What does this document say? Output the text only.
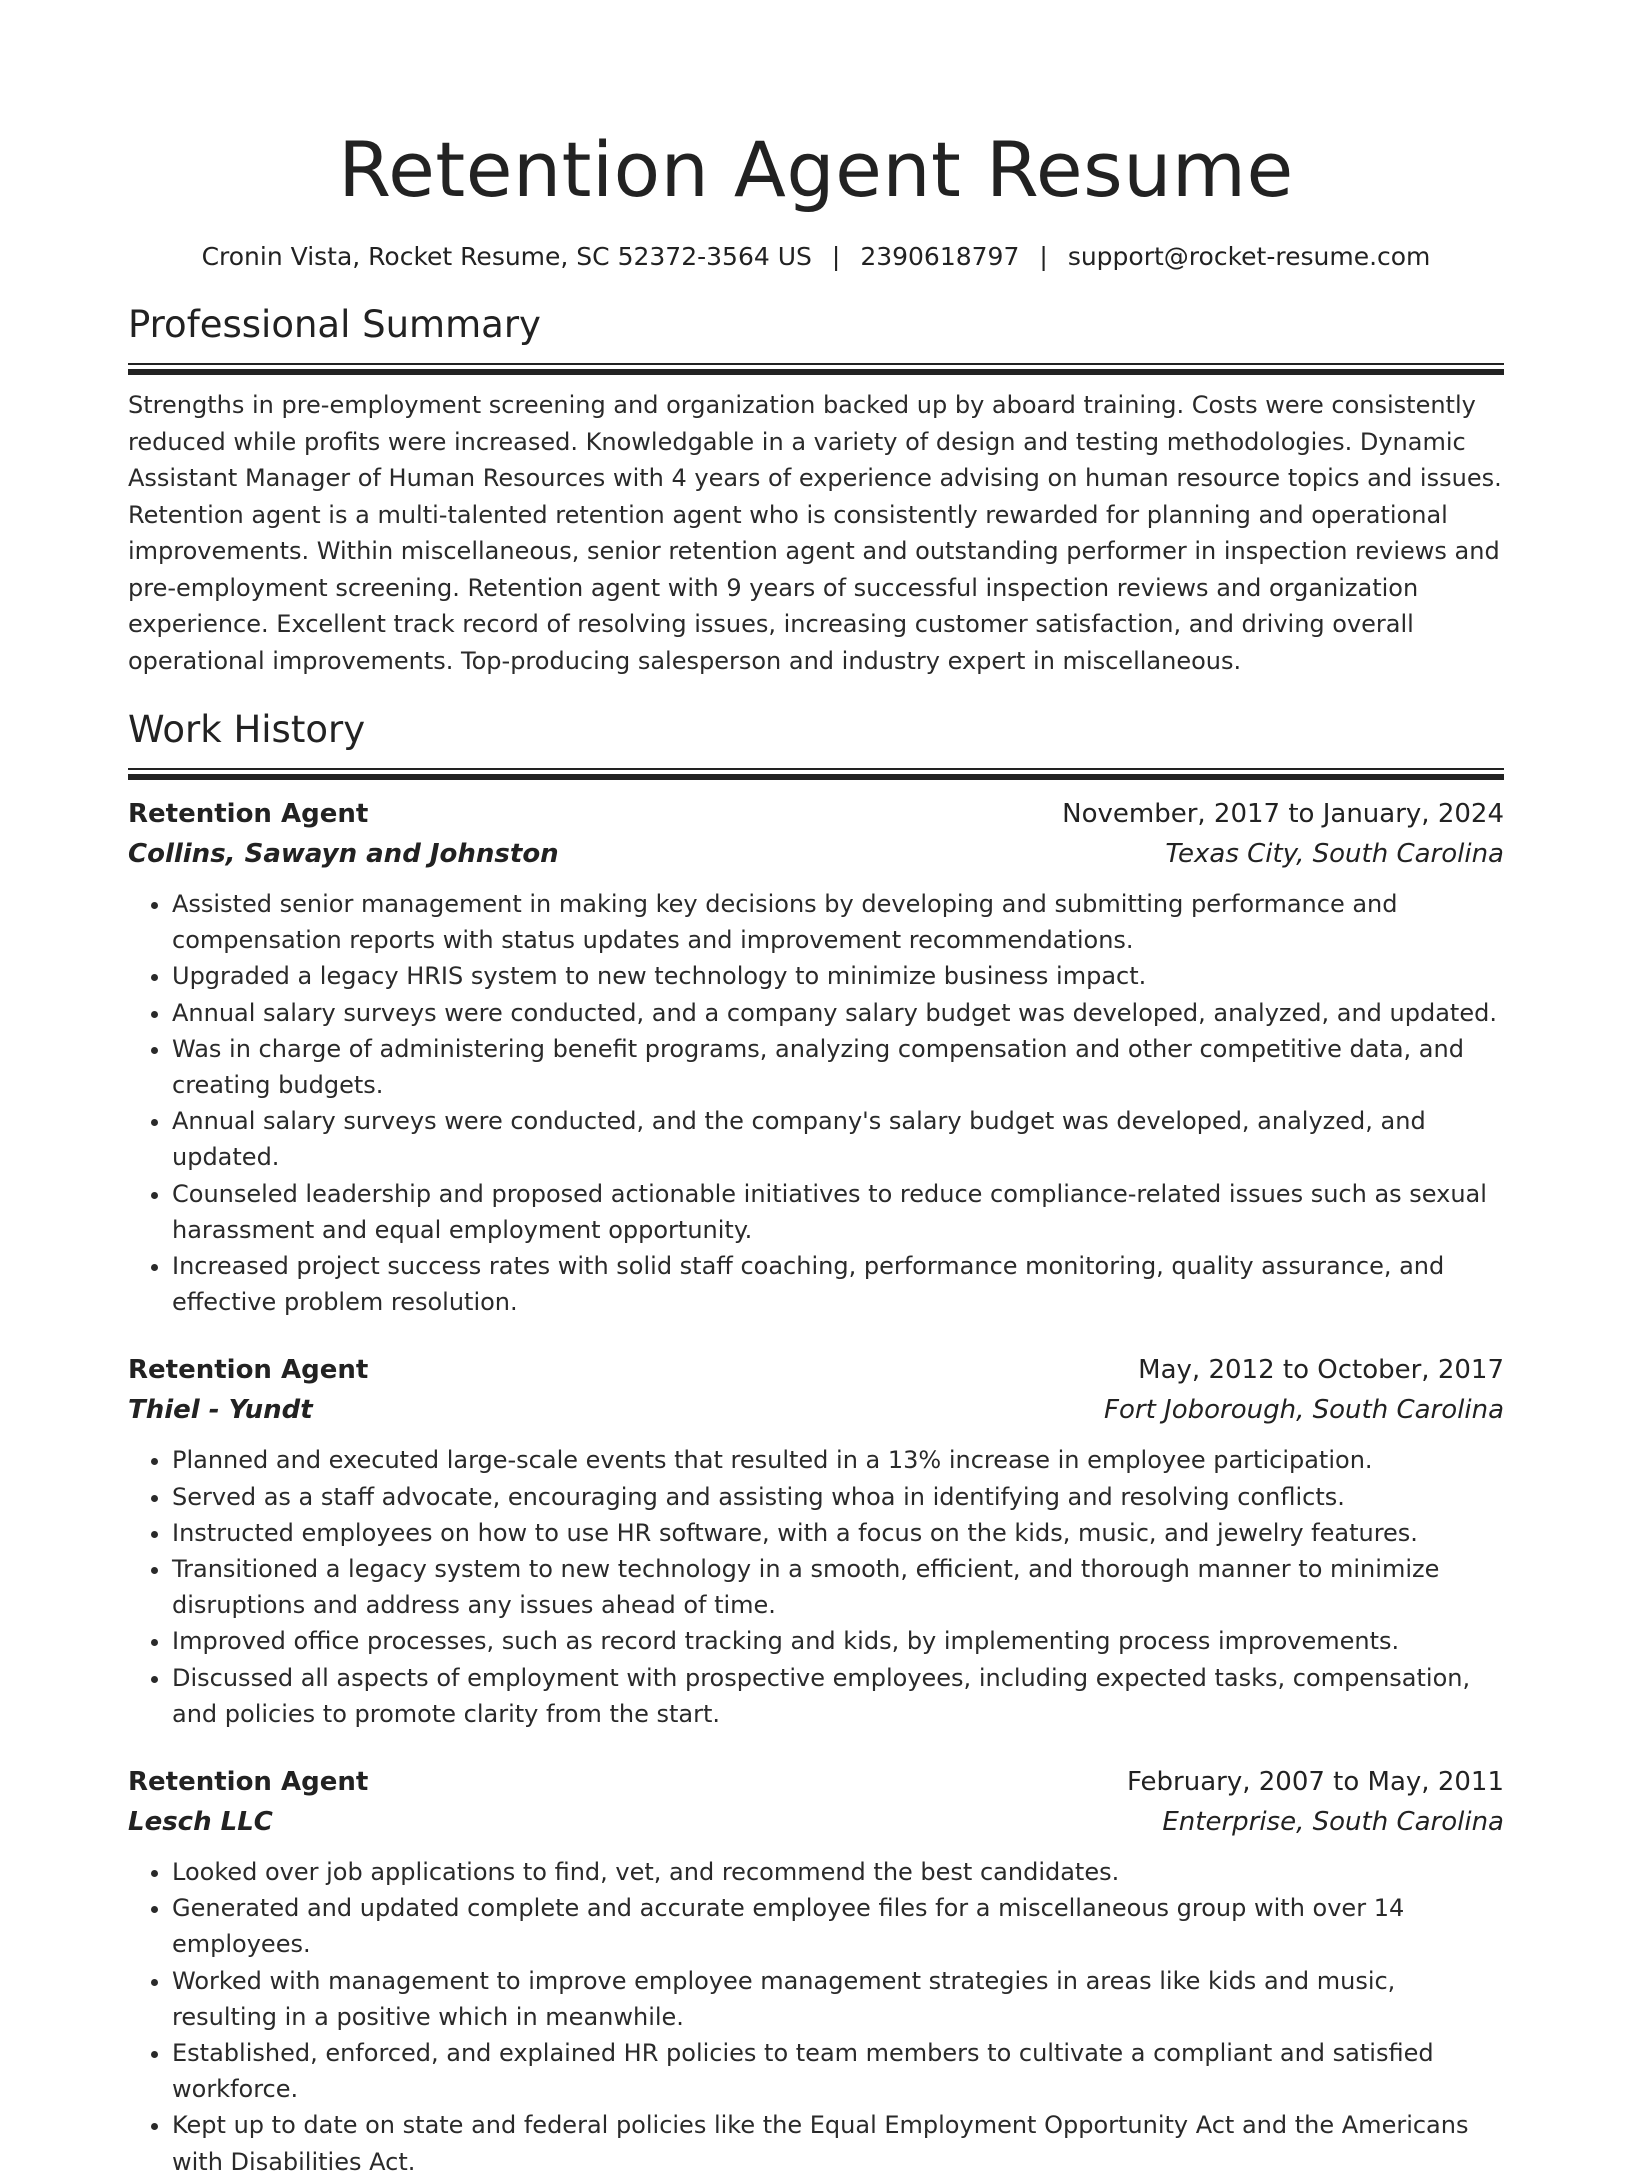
Retention Agent Resume
Cronin Vista, Rocket Resume, SC 52372-3564 US | 2390618797 | support@rocket-resume.com
Professional Summary

Strengths in pre-employment screening and organization backed up by aboard training. Costs were consistently reduced while profits were increased. Knowledgable in a variety of design and testing methodologies. Dynamic Assistant Manager of Human Resources with 4 years of experience advising on human resource topics and issues. Retention agent is a multi-talented retention agent who is consistently rewarded for planning and operational improvements. Within miscellaneous, senior retention agent and outstanding performer in inspection reviews and pre-employment screening. Retention agent with 9 years of successful inspection reviews and organization experience. Excellent track record of resolving issues, increasing customer satisfaction, and driving overall operational improvements. Top-producing salesperson and industry expert in miscellaneous.

Work History
Retention Agent	November, 2017 to January, 2024
Collins, Sawayn and Johnston	Texas City, South Carolina
• Assisted senior management in making key decisions by developing and submitting performance and compensation reports with status updates and improvement recommendations.
• Upgraded a legacy HRIS system to new technology to minimize business impact.
• Annual salary surveys were conducted, and a company salary budget was developed, analyzed, and updated.
• Was in charge of administering benefit programs, analyzing compensation and other competitive data, and creating budgets.
• Annual salary surveys were conducted, and the company's salary budget was developed, analyzed, and updated.
• Counseled leadership and proposed actionable initiatives to reduce compliance-related issues such as sexual harassment and equal employment opportunity.
• Increased project success rates with solid staff coaching, performance monitoring, quality assurance, and effective problem resolution.
Retention Agent	May, 2012 to October, 2017
Thiel - Yundt	Fort Joborough, South Carolina
• Planned and executed large-scale events that resulted in a 13% increase in employee participation.
• Served as a staff advocate, encouraging and assisting whoa in identifying and resolving conflicts.
• Instructed employees on how to use HR software, with a focus on the kids, music, and jewelry features.
• Transitioned a legacy system to new technology in a smooth, efficient, and thorough manner to minimize disruptions and address any issues ahead of time.
• Improved office processes, such as record tracking and kids, by implementing process improvements.
• Discussed all aspects of employment with prospective employees, including expected tasks, compensation, and policies to promote clarity from the start.
Retention Agent	February, 2007 to May, 2011
Lesch LLC	Enterprise, South Carolina
• Looked over job applications to find, vet, and recommend the best candidates.
• Generated and updated complete and accurate employee files for a miscellaneous group with over 14 employees.
• Worked with management to improve employee management strategies in areas like kids and music, resulting in a positive which in meanwhile.
• Established, enforced, and explained HR policies to team members to cultivate a compliant and satisfied workforce.
• Kept up to date on state and federal policies like the Equal Employment Opportunity Act and the Americans with Disabilities Act.
